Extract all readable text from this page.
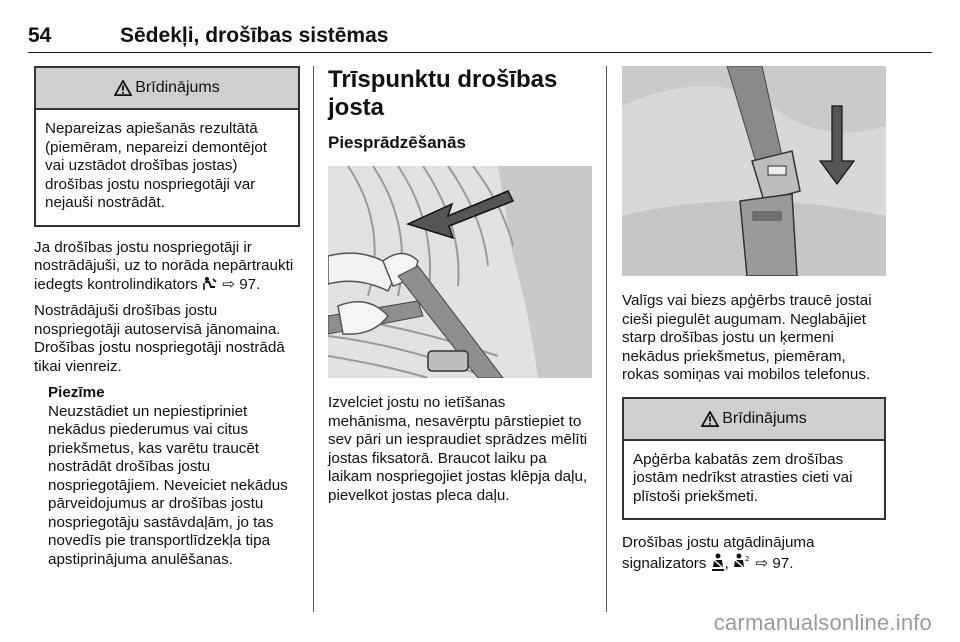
54	Sēdekļi, drošības sistēmas
Brīdinājums
Nepareizas apiešanās rezultātā (piemēram, nepareizi demontējot vai uzstādot drošības jostas) drošības jostu nospriegotāji var nejauši nostrādāt.

Ja drošības jostu nospriegotāji ir nostrādājuši, uz to norāda nepārtraukti iedegts kontrolindikators ⇨ 97.

Nostrādājuši drošības jostu nospriegotāji autoservisā jānomaina. Drošības jostu nospriegotāji nostrādā tikai vienreiz.

Piezīme
Neuzstādiet un nepiestipriniet nekādus piederumus vai citus priekšmetus, kas varētu traucēt nostrādāt drošības jostu nospriegotājiem. Neveiciet nekādus pārveidojumus ar drošības jostu nospriegotāju sastāvdaļām, jo tas novedīs pie transportlīdzekļa tipa apstiprinājuma anulēšanas.
Trīspunktu drošības josta
Piesprādzēšanās

Izvelciet jostu no ietīšanas mehānisma, nesavērptu pārstiepiet to sev pāri un iespraudiet sprādzes mēlīti jostas fiksatorā. Braucot laiku pa laikam nospriegojiet jostas klēpja daļu, pievelkot jostas pleca daļu.

Valīgs vai biezs apģērbs traucē jostai cieši piegulēt augumam. Neglabājiet starp drošības jostu un ķermeni nekādus priekšmetus, piemēram, rokas somiņas vai mobilos telefonus.

Brīdinājums
Apģērba kabatās zem drošības jostām nedrīkst atrasties cieti vai plīstoši priekšmeti.

Drošības jostu atgādinājuma signalizators , 2 ⇨ 97.

carmanualsonline.info
